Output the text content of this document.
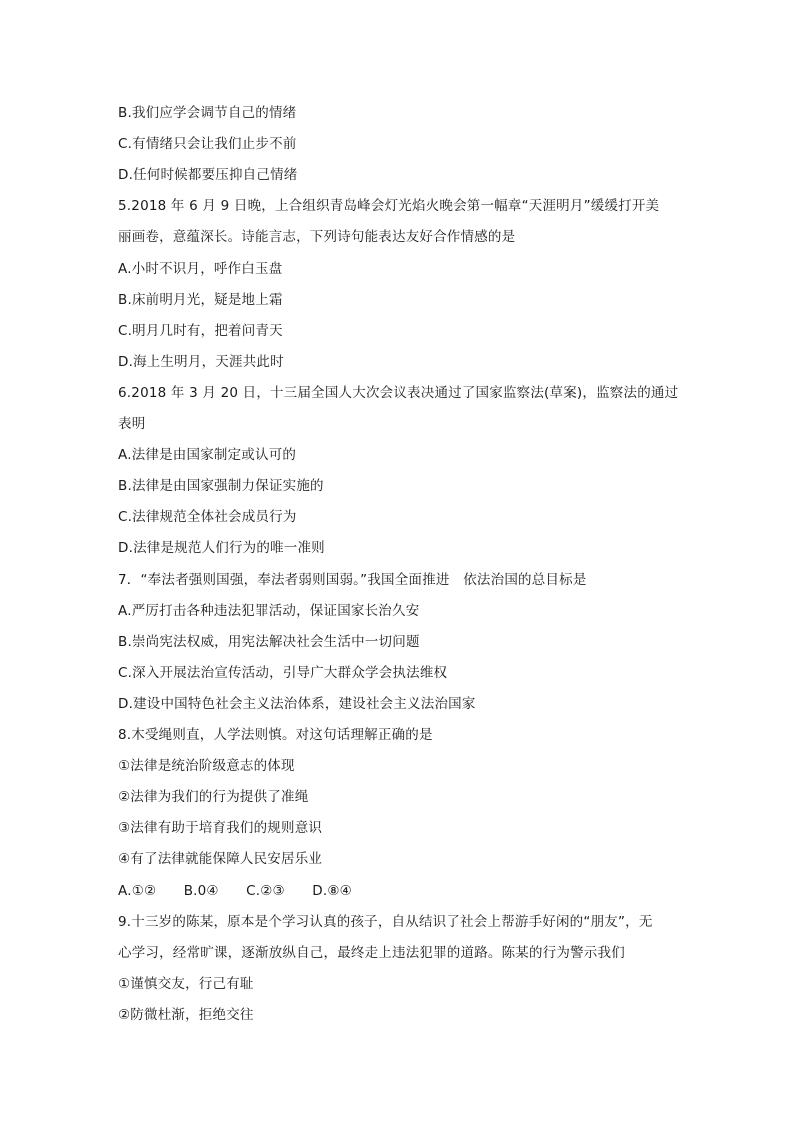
B.我们应学会调节自己的情绪
C.有情绪只会让我们止步不前
D.任何时候都要压抑自己情绪
5.2018 年 6 月 9 日晚，上合组织青岛峰会灯光焰火晚会第一幅章“天涯明月”缓缓打开美
丽画卷，意蕴深长。诗能言志，下列诗句能表达友好合作情感的是
A.小时不识月，呼作白玉盘
B.床前明月光，疑是地上霜
C.明月几时有，把着问青天
D.海上生明月，天涯共此时
6.2018 年 3 月 20 日，十三届全国人大次会议表决通过了国家监察法(草案)，监察法的通过
表明
A.法律是由国家制定或认可的
B.法律是由国家强制力保证实施的
C.法律规范全体社会成员行为
D.法律是规范人们行为的唯一准则
7．“奉法者强则国强，奉法者弱则国弱。”我国全面推进　依法治国的总目标是
A.严厉打击各种违法犯罪活动，保证国家长治久安
B.崇尚宪法权威，用宪法解决社会生活中一切问题
C.深入开展法治宣传活动，引导广大群众学会执法维权
D.建设中国特色社会主义法治体系，建设社会主义法治国家
8.木受绳则直，人学法则慎。对这句话理解正确的是
①法律是统治阶级意志的体现
②法律为我们的行为提供了准绳
③法律有助于培育我们的规则意识
④有了法律就能保障人民安居乐业
A.①②　　B.0④　　C.②③　　D.⑧④
9.十三岁的陈某，原本是个学习认真的孩子，自从结识了社会上帮游手好闲的“朋友”，无
心学习，经常旷课，逐渐放纵自己，最终走上违法犯罪的道路。陈某的行为警示我们
①谨慎交友，行己有耻
②防微杜渐，拒绝交往
